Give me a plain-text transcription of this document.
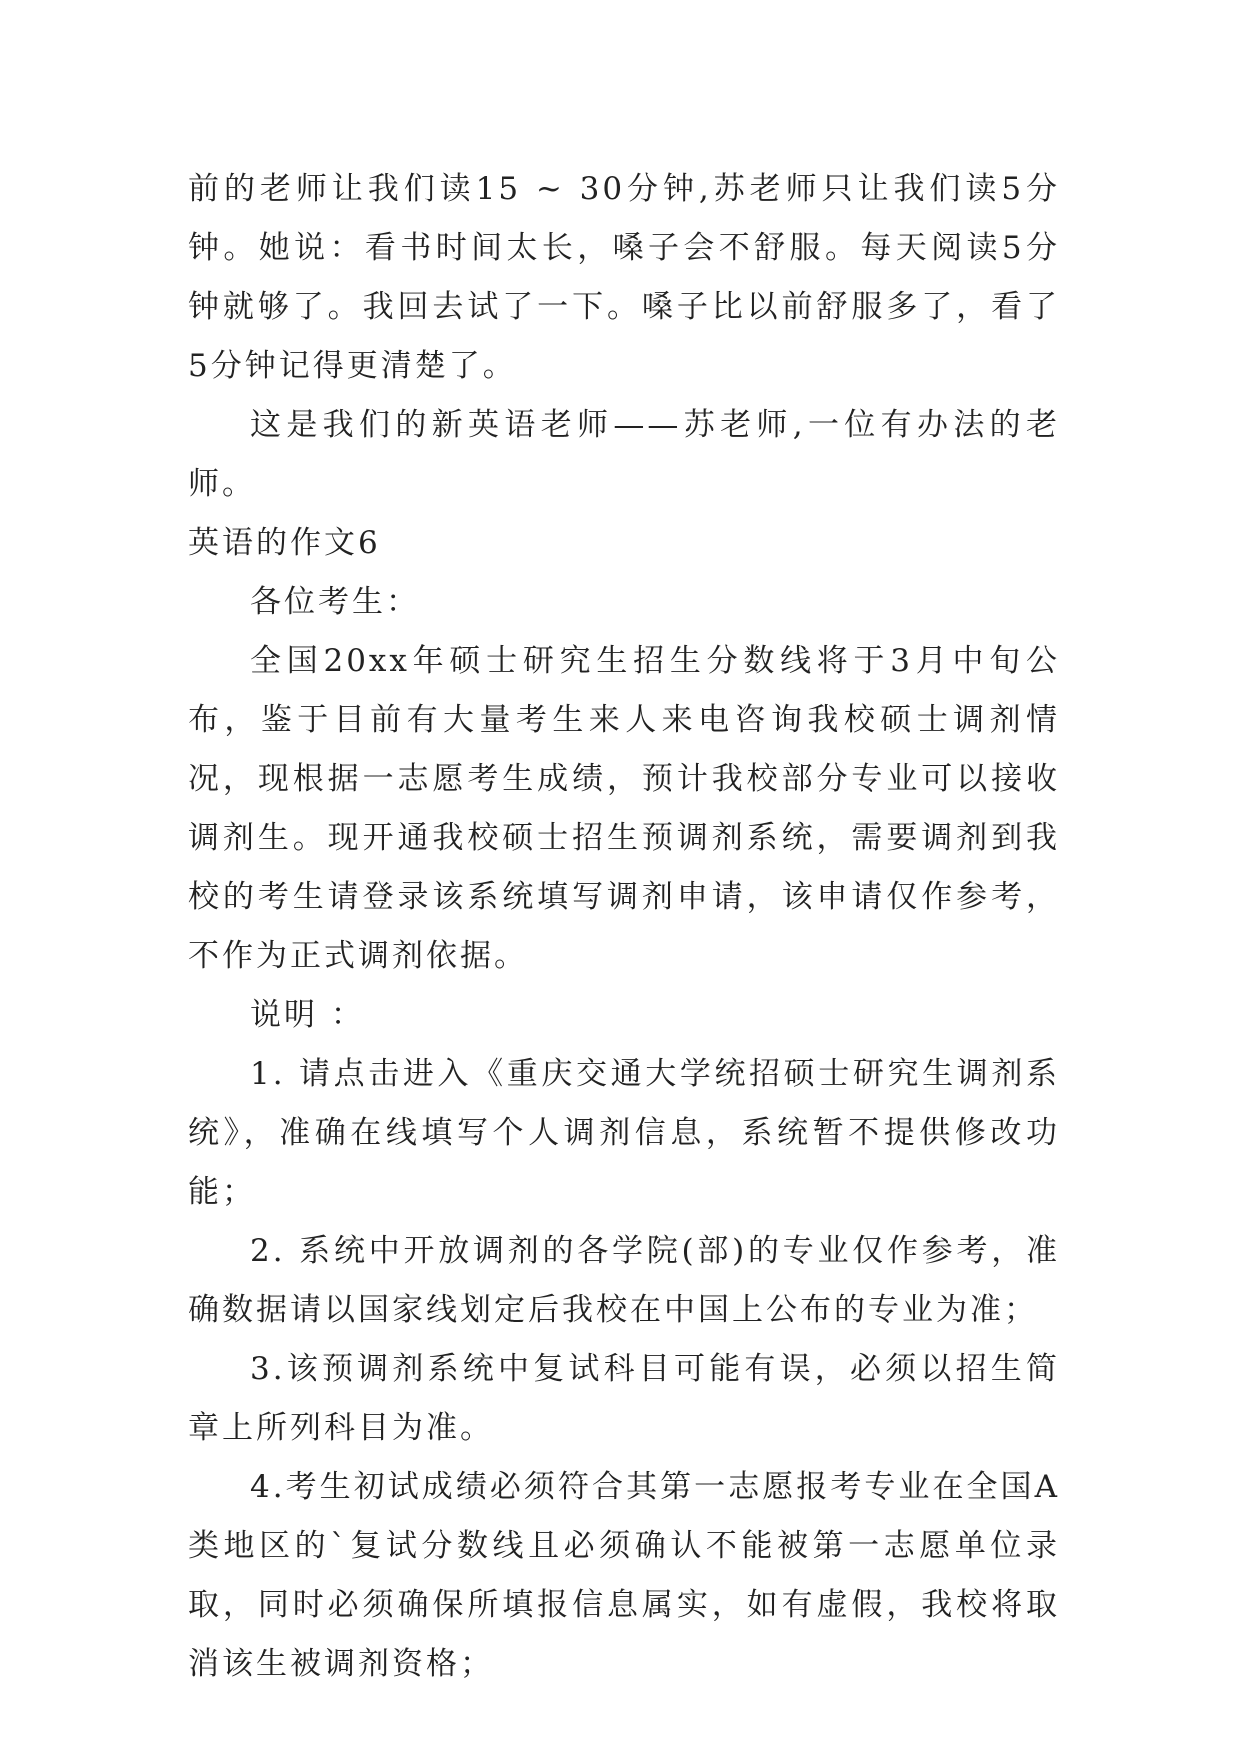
前的老师让我们读15 ~ 30分钟,苏老师只让我们读5分钟。她说：看书时间太长，嗓子会不舒服。每天阅读5分钟就够了。我回去试了一下。嗓子比以前舒服多了，看了5分钟记得更清楚了。

这是我们的新英语老师——苏老师,一位有办法的老师。

英语的作文6

各位考生：

全国20xx年硕士研究生招生分数线将于3月中旬公布，鉴于目前有大量考生来人来电咨询我校硕士调剂情况，现根据一志愿考生成绩，预计我校部分专业可以接收调剂生。现开通我校硕士招生预调剂系统，需要调剂到我校的考生请登录该系统填写调剂申请，该申请仅作参考，不作为正式调剂依据。

说明 ：

1. 请点击进入《重庆交通大学统招硕士研究生调剂系统》，准确在线填写个人调剂信息，系统暂不提供修改功能；

2. 系统中开放调剂的各学院(部)的专业仅作参考，准确数据请以国家线划定后我校在中国上公布的专业为准；

3.该预调剂系统中复试科目可能有误，必须以招生简章上所列科目为准。

4.考生初试成绩必须符合其第一志愿报考专业在全国A类地区的`复试分数线且必须确认不能被第一志愿单位录取，同时必须确保所填报信息属实，如有虚假，我校将取消该生被调剂资格；
